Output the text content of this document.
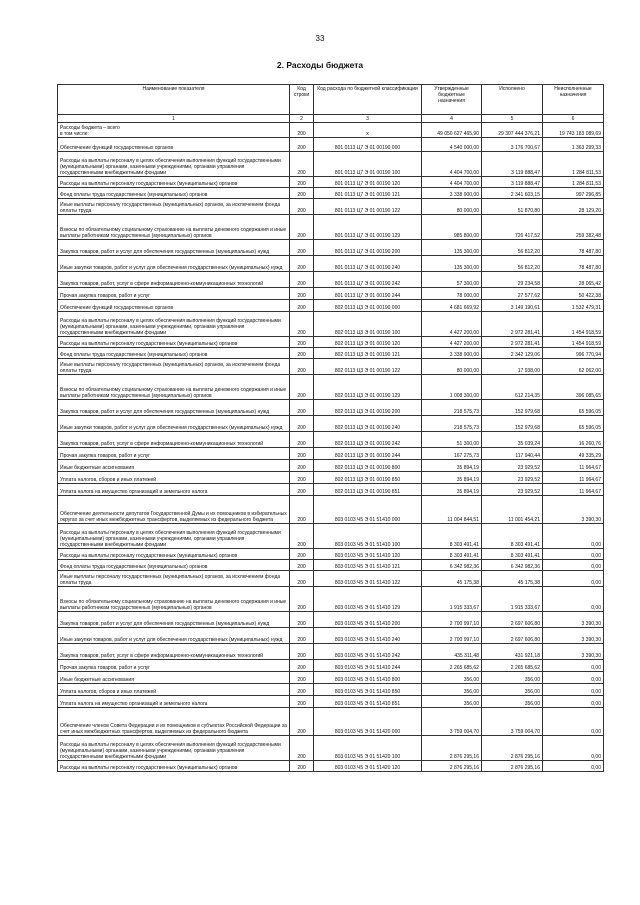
33
2. Расходы бюджета
Наименование показателя	Код строки	Код расхода по бюджетной классификации	Утвержденные бюджетные назначения	Исполнено	Неисполненные назначения
1	2	3	4	5	6
Расходы бюджета – всего
в том числе:	200	x	49 050 627 465,90	29 307 444 376,21	19 743 183 089,69
Обеспечение функций государственных органов	200	801 0113 Ц7 Э 01 00190 000	4 540 000,00	3 176 700,67	1 363 299,33
Расходы на выплаты персоналу в целях обеспечения выполнения функций государственными (муниципальными) органами, казенными учреждениями, органами управления государственными внебюджетными фондами	200	801 0113 Ц7 Э 01 00190 100	4 404 700,00	3 119 888,47	1 284 811,53
Расходы на выплаты персоналу государственных (муниципальных) органов	200	801 0113 Ц7 Э 01 00190 120	4 404 700,00	3 119 888,47	1 284 811,53
Фонд оплаты труда государственных (муниципальных) органов	200	801 0113 Ц7 Э 01 00190 121	3 338 900,00	2 341 603,15	997 296,85
Иные выплаты персоналу государственных (муниципальных) органов, за исключением фонда оплаты труда	200	801 0113 Ц7 Э 01 00190 122	80 000,00	51 870,80	28 129,20
Взносы по обязательному социальному страхованию на выплаты денежного содержания и иные выплаты работникам государственных (муниципальных) органов	200	801 0113 Ц7 Э 01 00190 129	985 800,00	726 417,52	259 382,48
Закупка товаров, работ и услуг для обеспечения государственных (муниципальных) нужд	200	801 0113 Ц7 Э 01 00190 200	135 300,00	56 812,20	78 487,80
Иные закупки товаров, работ и услуг для обеспечения государственных (муниципальных) нужд	200	801 0113 Ц7 Э 01 00190 240	135 300,00	56 812,20	78 487,80
Закупка товаров, работ, услуг в сфере информационно-коммуникационных технологий	200	801 0113 Ц7 Э 01 00190 242	57 300,00	29 234,58	28 065,42
Прочая закупка товаров, работ и услуг	200	801 0113 Ц7 Э 01 00190 244	78 000,00	27 577,62	50 422,38
Обеспечение функций государственных органов	200	802 0113 Ц3 Э 01 00190 000	4 681 669,92	3 149 190,61	1 532 479,31
Расходы на выплаты персоналу в целях обеспечения выполнения функций государственными (муниципальными) органами, казенными учреждениями, органами управления государственными внебюджетными фондами	200	802 0113 Ц3 Э 01 00190 100	4 427 200,00	2 972 281,41	1 454 918,59
Расходы на выплаты персоналу государственных (муниципальных) органов	200	802 0113 Ц3 Э 01 00190 120	4 427 200,00	2 972 281,41	1 454 918,59
Фонд оплаты труда государственных (муниципальных) органов	200	802 0113 Ц3 Э 01 00190 121	3 338 900,00	2 342 129,06	996 770,94
Иные выплаты персоналу государственных (муниципальных) органов, за исключением фонда оплаты труда	200	802 0113 Ц3 Э 01 00190 122	80 000,00	17 938,00	62 062,00
Взносы по обязательному социальному страхованию на выплаты денежного содержания и иные выплаты работникам государственных (муниципальных) органов	200	802 0113 Ц3 Э 01 00190 129	1 008 300,00	612 214,35	396 085,65
Закупка товаров, работ и услуг для обеспечения государственных (муниципальных) нужд	200	802 0113 Ц3 Э 01 00190 200	218 575,73	152 979,68	65 596,05
Иные закупки товаров, работ и услуг для обеспечения государственных (муниципальных) нужд	200	802 0113 Ц3 Э 01 00190 240	218 575,73	152 979,68	65 596,05
Закупка товаров, работ, услуг в сфере информационно-коммуникационных технологий	200	802 0113 Ц3 Э 01 00190 242	51 300,00	35 039,24	16 260,76
Прочая закупка товаров, работ и услуг	200	802 0113 Ц3 Э 01 00190 244	167 275,73	117 940,44	49 335,29
Иные бюджетные ассигнования	200	802 0113 Ц3 Э 01 00190 800	35 894,19	23 929,52	11 964,67
Уплата налогов, сборов и иных платежей	200	802 0113 Ц3 Э 01 00190 850	35 894,19	23 929,52	11 964,67
Уплата налога на имущество организаций и земельного налога	200	802 0113 Ц3 Э 01 00190 851	35 894,19	23 929,52	11 964,67
Обеспечение деятельности депутатов Государственной Думы и их помощников в избирательных округах за счет иных межбюджетных трансфертов, выделяемых из федерального бюджета	200	803 0103 Ч5 Э 01 51410 000	11 004 844,51	11 001 454,21	3 390,30
Расходы на выплаты персоналу в целях обеспечения выполнения функций государственными (муниципальными) органами, казенными учреждениями, органами управления государственными внебюджетными фондами	200	803 0103 Ч5 Э 01 51410 100	8 303 491,41	8 303 491,41	0,00
Расходы на выплаты персоналу государственных (муниципальных) органов	200	803 0103 Ч5 Э 01 51410 120	8 303 491,41	8 303 491,41	0,00
Фонд оплаты труда государственных (муниципальных) органов	200	803 0103 Ч5 Э 01 51410 121	6 342 982,36	6 342 982,36	0,00
Иные выплаты персоналу государственных (муниципальных) органов, за исключением фонда оплаты труда	200	803 0103 Ч5 Э 01 51410 122	45 175,38	45 175,38	0,00
Взносы по обязательному социальному страхованию на выплаты денежного содержания и иные выплаты работникам государственных (муниципальных) органов	200	803 0103 Ч5 Э 01 51410 129	1 915 333,67	1 915 333,67	0,00
Закупка товаров, работ и услуг для обеспечения государственных (муниципальных) нужд	200	803 0103 Ч5 Э 01 51410 200	2 700 997,10	2 697 606,80	3 390,30
Иные закупки товаров, работ и услуг для обеспечения государственных (муниципальных) нужд	200	803 0103 Ч5 Э 01 51410 240	2 700 997,10	2 697 606,80	3 390,30
Закупка товаров, работ, услуг в сфере информационно-коммуникационных технологий	200	803 0103 Ч5 Э 01 51410 242	435 311,48	431 921,18	3 390,30
Прочая закупка товаров, работ и услуг	200	803 0103 Ч5 Э 01 51410 244	2 265 685,62	2 265 685,62	0,00
Иные бюджетные ассигнования	200	803 0103 Ч5 Э 01 51410 800	356,00	356,00	0,00
Уплата налогов, сборов и иных платежей	200	803 0103 Ч5 Э 01 51410 850	356,00	356,00	0,00
Уплата налога на имущество организаций и земельного налога	200	803 0103 Ч5 Э 01 51410 851	356,00	356,00	0,00
Обеспечение членов Совета Федерации и их помощников в субъектах Российской Федерации за счет иных межбюджетных трансфертов, выделяемых из федерального бюджета	200	803 0103 Ч5 Э 01 51420 000	3 759 004,70	3 759 004,70	0,00
Расходы на выплаты персоналу в целях обеспечения выполнения функций государственными (муниципальными) органами, казенными учреждениями, органами управления государственными внебюджетными фондами	200	803 0103 Ч5 Э 01 51420 100	2 876 295,16	2 876 295,16	0,00
Расходы на выплаты персоналу государственных (муниципальных) органов	200	803 0103 Ч5 Э 01 51420 120	2 876 295,16	2 876 295,16	0,00
